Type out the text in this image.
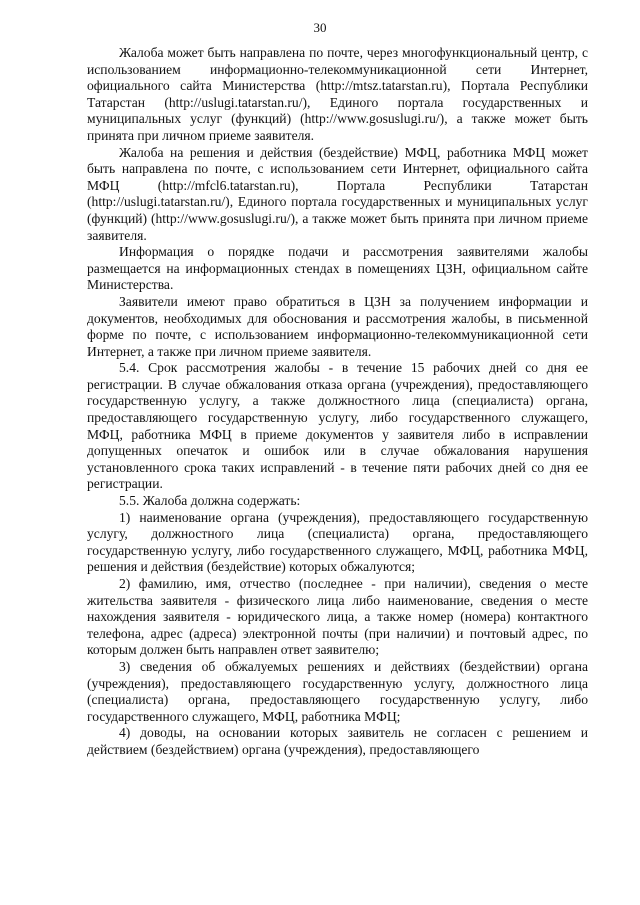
30

Жалоба может быть направлена по почте, через многофункциональный центр, с использованием информационно-телекоммуникационной сети Интернет, официального сайта Министерства (http://mtsz.tatarstan.ru), Портала Республики Татарстан (http://uslugi.tatarstan.ru/), Единого портала государственных и муниципальных услуг (функций) (http://www.gosuslugi.ru/), а также может быть принята при личном приеме заявителя.

Жалоба на решения и действия (бездействие) МФЦ, работника МФЦ может быть направлена по почте, с использованием сети Интернет, официального сайта МФЦ (http://mfcl6.tatarstan.ru), Портала Республики Татарстан (http://uslugi.tatarstan.ru/), Единого портала государственных и муниципальных услуг (функций) (http://www.gosuslugi.ru/), а также может быть принята при личном приеме заявителя.

Информация о порядке подачи и рассмотрения заявителями жалобы размещается на информационных стендах в помещениях ЦЗН, официальном сайте Министерства.

Заявители имеют право обратиться в ЦЗН за получением информации и документов, необходимых для обоснования и рассмотрения жалобы, в письменной форме по почте, с использованием информационно-телекоммуникационной сети Интернет, а также при личном приеме заявителя.

5.4. Срок рассмотрения жалобы - в течение 15 рабочих дней со дня ее регистрации. В случае обжалования отказа органа (учреждения), предоставляющего государственную услугу, а также должностного лица (специалиста) органа, предоставляющего государственную услугу, либо государственного служащего, МФЦ, работника МФЦ в приеме документов у заявителя либо в исправлении допущенных опечаток и ошибок или в случае обжалования нарушения установленного срока таких исправлений - в течение пяти рабочих дней со дня ее регистрации.

5.5. Жалоба должна содержать:

1) наименование органа (учреждения), предоставляющего государственную услугу, должностного лица (специалиста) органа, предоставляющего государственную услугу, либо государственного служащего, МФЦ, работника МФЦ, решения и действия (бездействие) которых обжалуются;

2) фамилию, имя, отчество (последнее - при наличии), сведения о месте жительства заявителя - физического лица либо наименование, сведения о месте нахождения заявителя - юридического лица, а также номер (номера) контактного телефона, адрес (адреса) электронной почты (при наличии) и почтовый адрес, по которым должен быть направлен ответ заявителю;

3) сведения об обжалуемых решениях и действиях (бездействии) органа (учреждения), предоставляющего государственную услугу, должностного лица (специалиста) органа, предоставляющего государственную услугу, либо государственного служащего, МФЦ, работника МФЦ;

4) доводы, на основании которых заявитель не согласен с решением и действием (бездействием) органа (учреждения), предоставляющего
